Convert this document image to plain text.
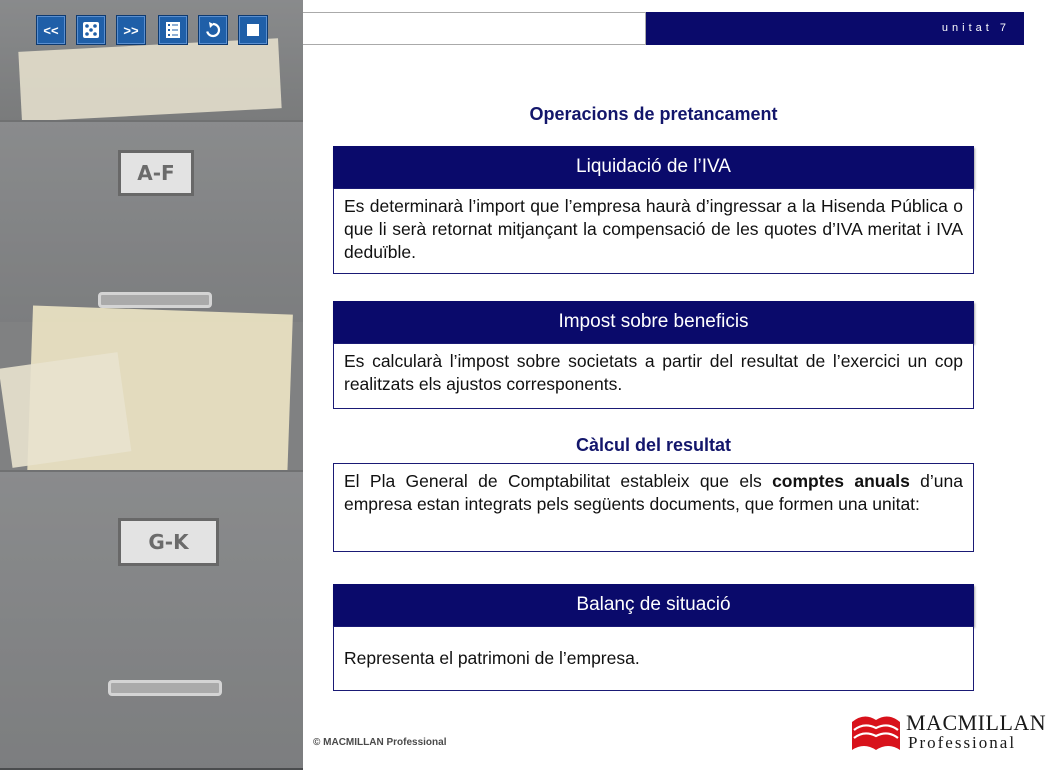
A-F
G-K
<<	>>	unitat 7
Operacions de pretancament
Liquidació de l’IVA
Es determinarà l’import que l’empresa haurà d’ingressar a la Hisenda Pública o que li serà retornat mitjançant la compensació de les quotes d’IVA meritat i IVA deduïble.
Impost sobre beneficis
Es calcularà l’impost sobre societats a partir del resultat de l’exercici un cop realitzats els ajustos corresponents.
Càlcul del resultat
El Pla General de Comptabilitat estableix que els comptes anuals d’una empresa estan integrats pels següents documents, que formen una unitat:
Balanç de situació
Representa el patrimoni de l’empresa.
© MACMILLAN Professional
MACMILLAN
Professional
